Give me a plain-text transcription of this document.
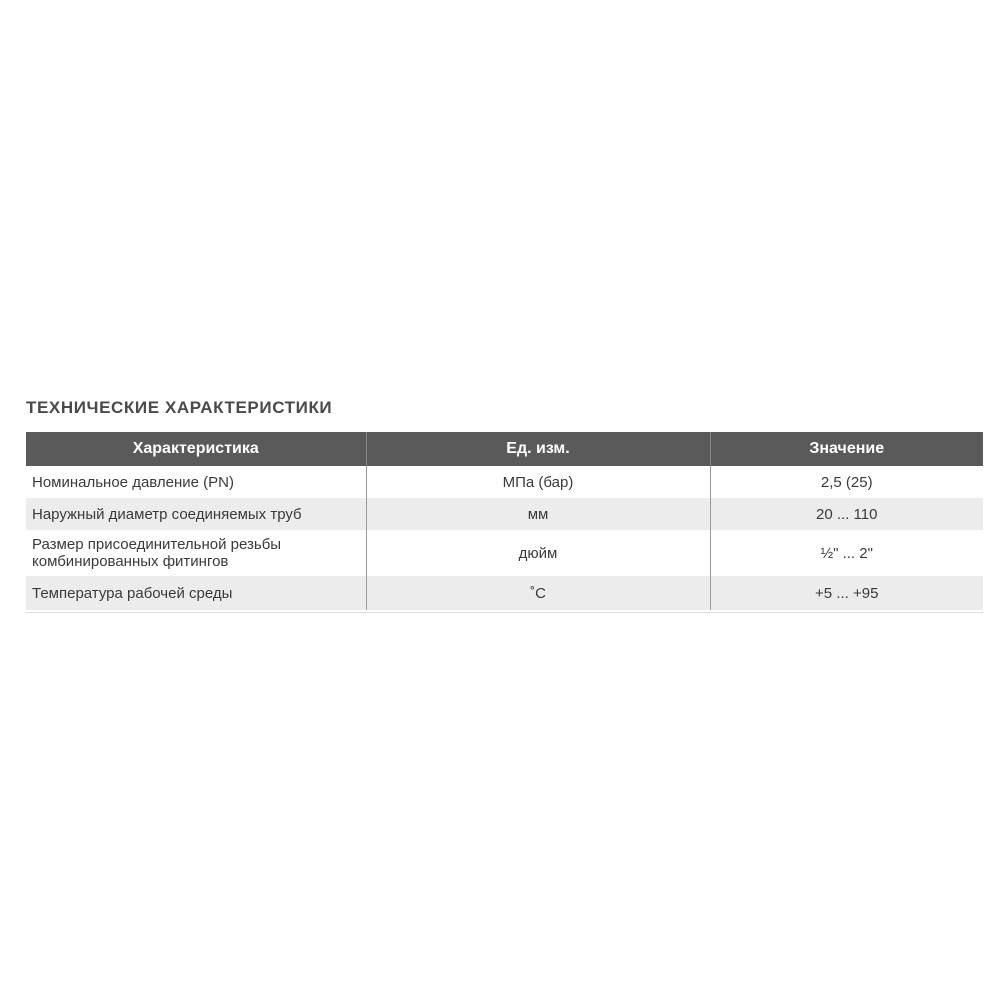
ТЕХНИЧЕСКИЕ ХАРАКТЕРИСТИКИ
Характеристика	Ед. изм.	Значение
Номинальное давление (PN)	МПа (бар)	2,5 (25)
Наружный диаметр соединяемых труб	мм	20 ... 110

Размер присоединительной резьбы
комбинированных фитингов	дюйм	½" ... 2"
Температура рабочей среды	˚С	+5 ... +95
